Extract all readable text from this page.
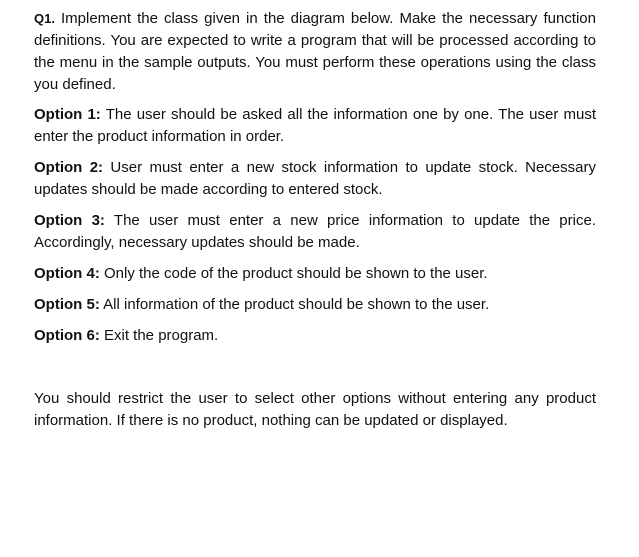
Q1. Implement the class given in the diagram below. Make the necessary function definitions. You are expected to write a program that will be processed according to the menu in the sample outputs. You must perform these operations using the class you defined.

Option 1: The user should be asked all the information one by one. The user must enter the product information in order.

Option 2: User must enter a new stock information to update stock. Necessary updates should be made according to entered stock.

Option 3: The user must enter a new price information to update the price. Accordingly, necessary updates should be made.

Option 4: Only the code of the product should be shown to the user.

Option 5: All information of the product should be shown to the user.

Option 6: Exit the program.

You should restrict the user to select other options without entering any product information. If there is no product, nothing can be updated or displayed.
